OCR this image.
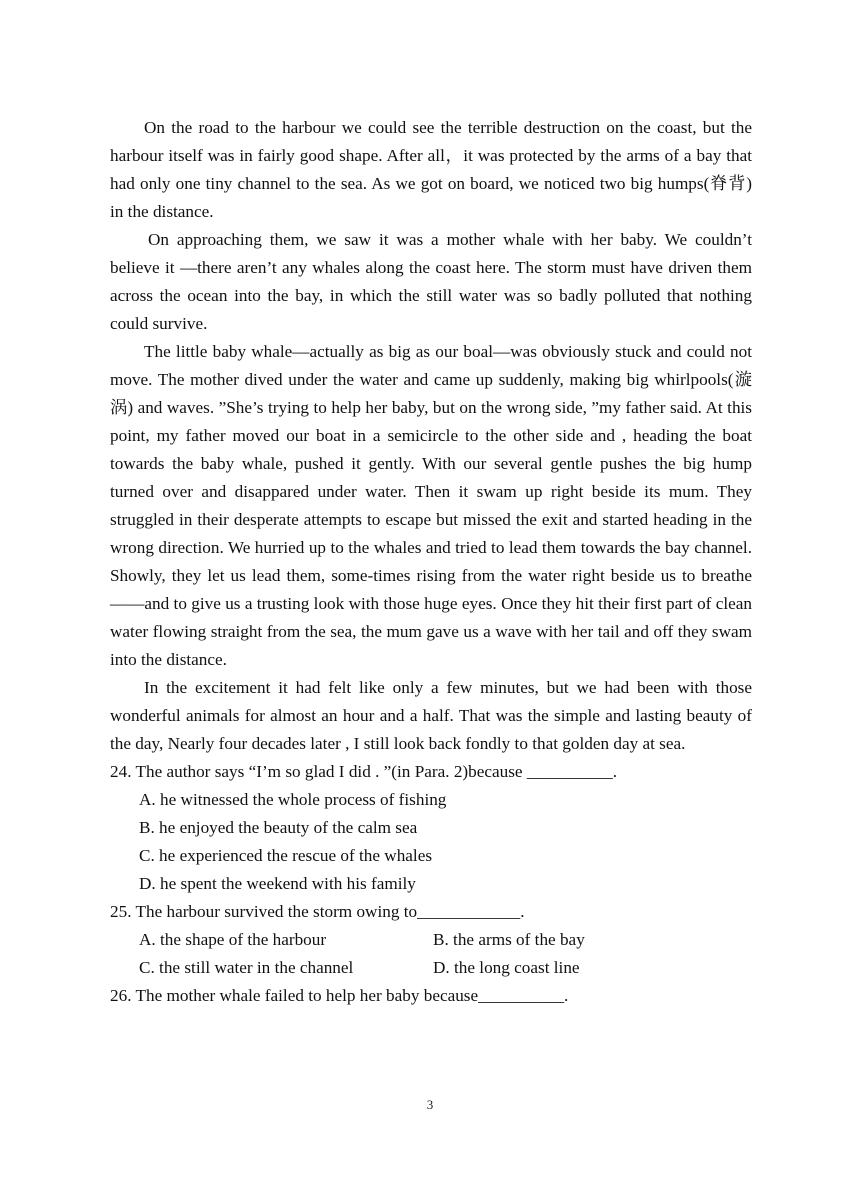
On the road to the harbour we could see the terrible destruction on the coast, but the harbour itself was in fairly good shape. After all，it was protected by the arms of a bay that had only one tiny channel to the sea. As we got on board, we noticed two big humps(脊背) in the distance.

On approaching them, we saw it was a mother whale with her baby. We couldn’t believe it —there aren’t any whales along the coast here. The storm must have driven them across the ocean into the bay, in which the still water was so badly polluted that nothing could survive.

The little baby whale—actually as big as our boal—was obviously stuck and could not move. The mother dived under the water and came up suddenly, making big whirlpools(漩涡) and waves. ”She’s trying to help her baby, but on the wrong side, ”my father said. At this point, my father moved our boat in a semicircle to the other side and , heading the boat towards the baby whale, pushed it gently. With our several gentle pushes the big hump turned over and disappared under water. Then it swam up right beside its mum. They struggled in their desperate attempts to escape but missed the exit and started heading in the wrong direction. We hurried up to the whales and tried to lead them towards the bay channel. Showly, they let us lead them, some-times rising from the water right beside us to breathe——and to give us a trusting look with those huge eyes. Once they hit their first part of clean water flowing straight from the sea, the mum gave us a wave with her tail and off they swam into the distance.

In the excitement it had felt like only a few minutes, but we had been with those wonderful animals for almost an hour and a half. That was the simple and lasting beauty of the day, Nearly four decades later , I still look back fondly to that golden day at sea.

24. The author says “I’m so glad I did . ”(in Para. 2)because __________.
A. he witnessed the whole process of fishing
B. he enjoyed the beauty of the calm sea
C. he experienced the rescue of the whales
D. he spent the weekend with his family
25. The harbour survived the storm owing to____________.
A. the shape of the harbour	B. the arms of the bay
C. the still water in the channel	D. the long coast line
26. The mother whale failed to help her baby because__________.
3
